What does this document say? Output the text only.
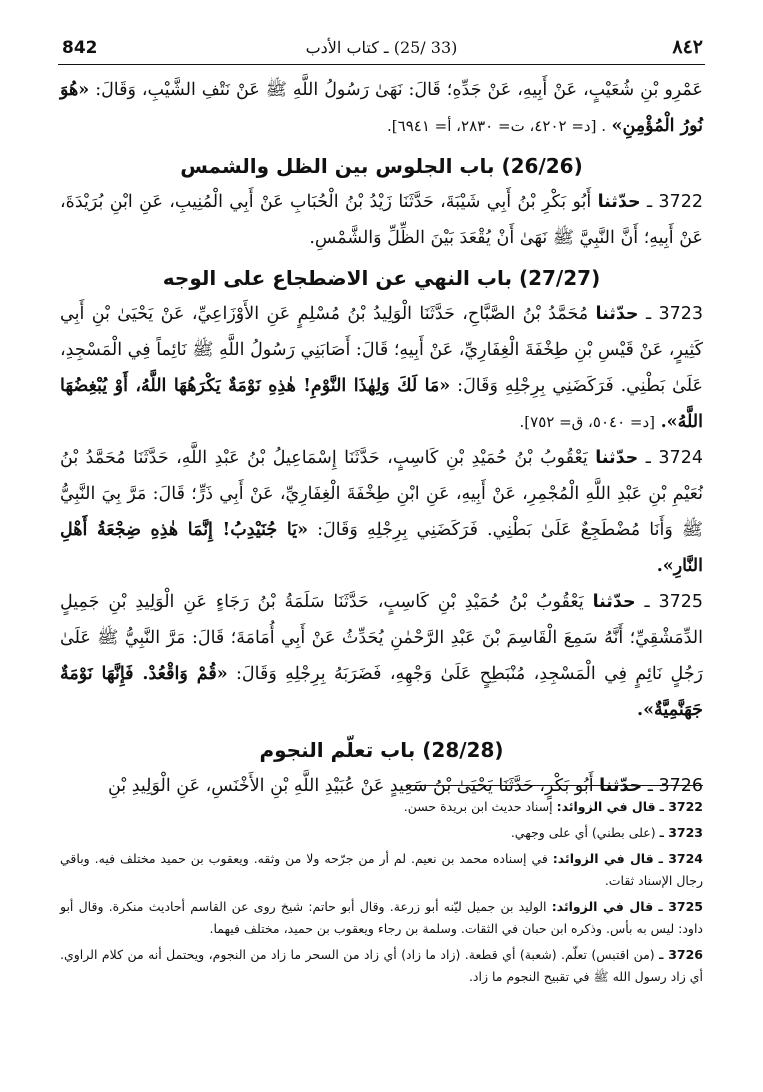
842	(33 /25) ـ كتاب الأدب	٨٤٢

عَمْرِو بْنِ شُعَيْبٍ، عَنْ أَبِيهِ، عَنْ جَدِّهِ؛ قَالَ: نَهَىٰ رَسُولُ اللَّهِ ﷺ عَنْ نَتْفِ الشَّيْبِ، وَقَالَ: «هُوَ نُورُ الْمُؤْمِنِ» . [د= ٤٢٠٢، ت= ٢٨٣٠، أ= ٦٩٤١].

(26/26) باب الجلوس بين الظل والشمس

3722 ـ حدّثنا أَبُو بَكْرِ بْنُ أَبِي شَيْبَةَ، حَدَّثَنَا زَيْدُ بْنُ الْحُبَابِ عَنْ أَبِي الْمُنِيبِ، عَنِ ابْنِ بُرَيْدَةَ، عَنْ أَبِيهِ؛ أَنَّ النَّبِيَّ ﷺ نَهَىٰ أَنْ يُقْعَدَ بَيْنَ الظِّلِّ وَالشَّمْسِ.

(27/27) باب النهي عن الاضطجاع على الوجه

3723 ـ حدّثنا مُحَمَّدُ بْنُ الصَّبَّاحِ، حَدَّثَنَا الْوَلِيدُ بْنُ مُسْلِمٍ عَنِ الأَوْزَاعِيِّ، عَنْ يَحْيَىٰ بْنِ أَبِي كَثِيرٍ، عَنْ قَيْسِ بْنِ طِخْفَةَ الْغِفَارِيِّ، عَنْ أَبِيهِ؛ قَالَ: أَصَابَنِي رَسُولُ اللَّهِ ﷺ نَائِماً فِي الْمَسْجِدِ، عَلَىٰ بَطْنِي. فَرَكَضَنِي بِرِجْلِهِ وَقَالَ: «مَا لَكَ وَلِهٰذَا النَّوْمِ! هٰذِهِ نَوْمَةٌ يَكْرَهُهَا اللَّهُ، أَوْ يُبْغِضُهَا اللَّهُ». [د= ٥٠٤٠، ق= ٧٥٢].

3724 ـ حدّثنا يَعْقُوبُ بْنُ حُمَيْدِ بْنِ كَاسِبٍ، حَدَّثَنَا إِسْمَاعِيلُ بْنُ عَبْدِ اللَّهِ، حَدَّثَنَا مُحَمَّدُ بْنُ نُعَيْمِ بْنِ عَبْدِ اللَّهِ الْمُجْمِرِ، عَنْ أَبِيهِ، عَنِ ابْنِ طِخْفَةَ الْغِفَارِيِّ، عَنْ أَبِي ذَرٍّ؛ قَالَ: مَرَّ بِيَ النَّبِيُّ ﷺ وَأَنَا مُضْطَجِعٌ عَلَىٰ بَطْنِي. فَرَكَضَنِي بِرِجْلِهِ وَقَالَ: «يَا جُنَيْدِبُ! إِنَّمَا هٰذِهِ ضِجْعَةُ أَهْلِ النَّارِ».

3725 ـ حدّثنا يَعْقُوبُ بْنُ حُمَيْدِ بْنِ كَاسِبٍ، حَدَّثَنَا سَلَمَةُ بْنُ رَجَاءٍ عَنِ الْوَلِيدِ بْنِ جَمِيلٍ الدِّمَشْقِيِّ؛ أَنَّهُ سَمِعَ الْقَاسِمَ بْنَ عَبْدِ الرَّحْمٰنِ يُحَدِّثُ عَنْ أَبِي أُمَامَةَ؛ قَالَ: مَرَّ النَّبِيُّ ﷺ عَلَىٰ رَجُلٍ نَائِمٍ فِي الْمَسْجِدِ، مُنْبَطِحٍ عَلَىٰ وَجْهِهِ، فَضَرَبَهُ بِرِجْلِهِ وَقَالَ: «قُمْ وَاقْعُدْ. فَإِنَّهَا نَوْمَةٌ جَهَنَّمِيَّةٌ».

(28/28) باب تعلّم النجوم

3726 ـ حدّثنا أَبُو بَكْرٍ، حَدَّثَنَا يَحْيَىٰ بْنُ سَعِيدٍ عَنْ عُبَيْدِ اللَّهِ بْنِ الأَخْنَسِ، عَنِ الْوَلِيدِ بْنِ

3722 ـ قال في الزوائد: إسناد حديث ابن بريدة حسن.

3723 ـ (على بطني) أي على وجهي.

3724 ـ قال في الزوائد: في إسناده محمد بن نعيم. لم أر من جرّحه ولا من وثقه. ويعقوب بن حميد مختلف فيه. وباقي رجال الإسناد ثقات.

3725 ـ قال في الزوائد: الوليد بن جميل ليّنه أبو زرعة. وقال أبو حاتم: شيخ روى عن القاسم أحاديث منكرة. وقال أبو داود: ليس به بأس. وذكره ابن حبان في الثقات. وسلمة بن رجاء ويعقوب بن حميد، مختلف فيهما.

3726 ـ (من اقتبس) تعلّم. (شعبة) أي قطعة. (زاد ما زاد) أي زاد من السحر ما زاد من النجوم، ويحتمل أنه من كلام الراوي. أي زاد رسول الله ﷺ في تقبيح النجوم ما زاد.
